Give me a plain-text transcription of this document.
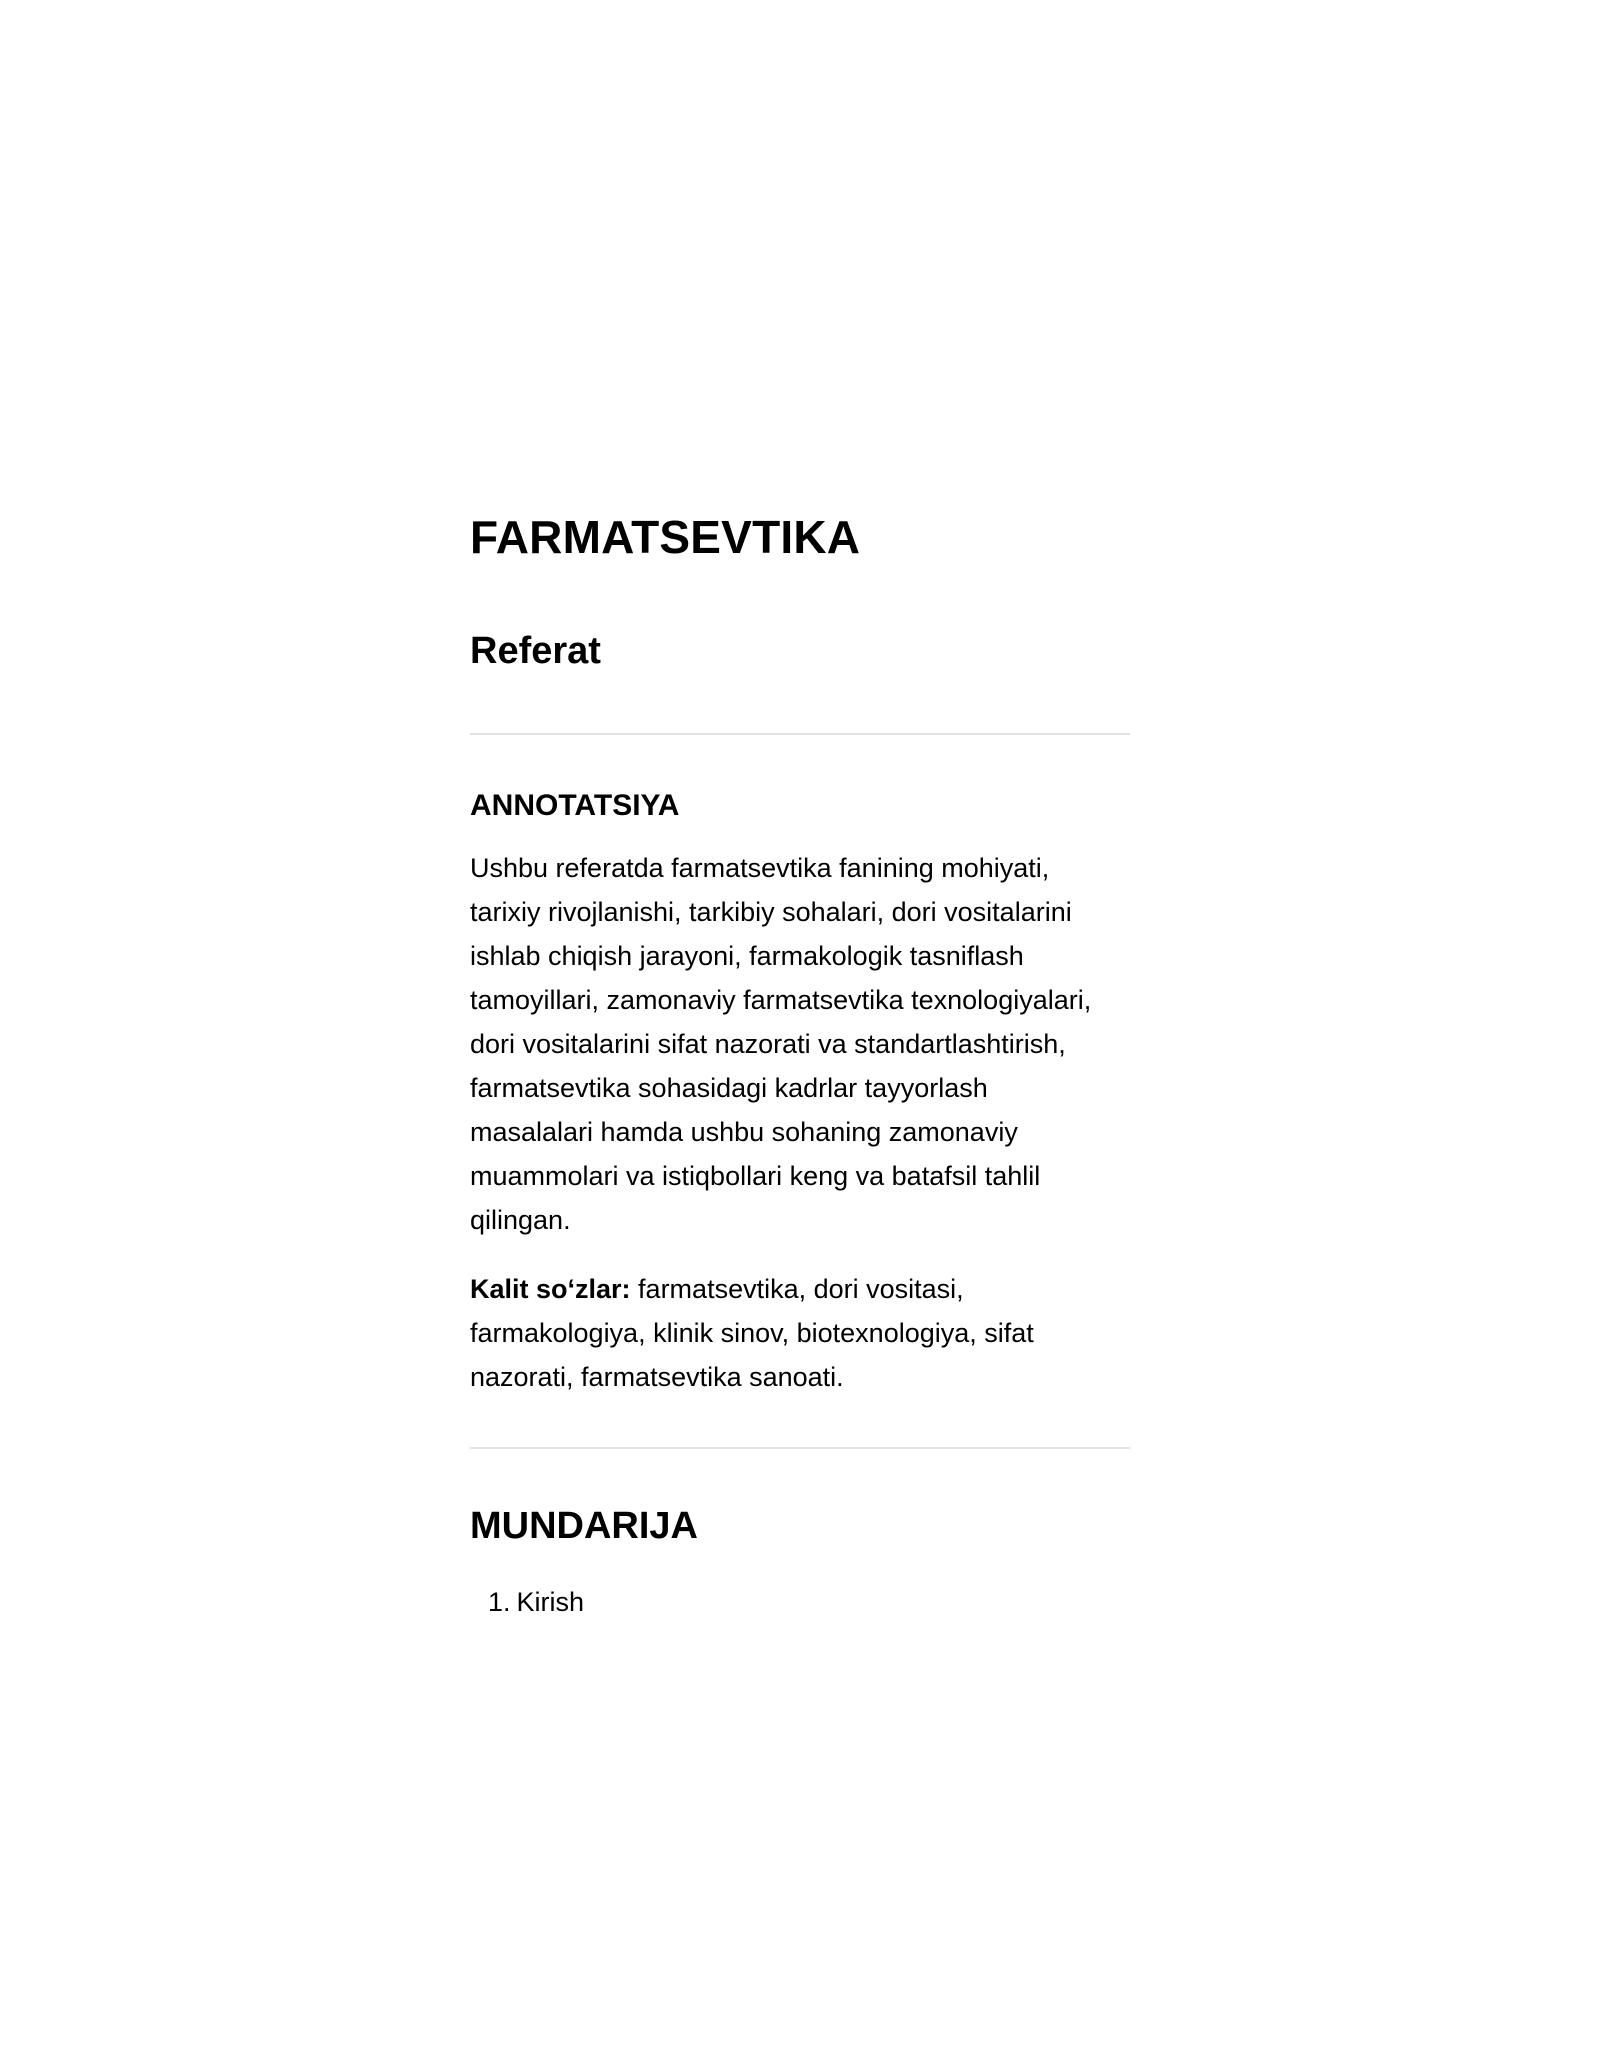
FARMATSEVTIKA
Referat
ANNOTATSIYA

Ushbu referatda farmatsevtika fanining mohiyati,
tarixiy rivojlanishi, tarkibiy sohalari, dori vositalarini
ishlab chiqish jarayoni, farmakologik tasniflash
tamoyillari, zamonaviy farmatsevtika texnologiyalari,
dori vositalarini sifat nazorati va standartlashtirish,
farmatsevtika sohasidagi kadrlar tayyorlash
masalalari hamda ushbu sohaning zamonaviy
muammolari va istiqbollari keng va batafsil tahlil
qilingan.

Kalit so‘zlar: farmatsevtika, dori vositasi,
farmakologiya, klinik sinov, biotexnologiya, sifat
nazorati, farmatsevtika sanoati.

MUNDARIJA
1. Kirish
